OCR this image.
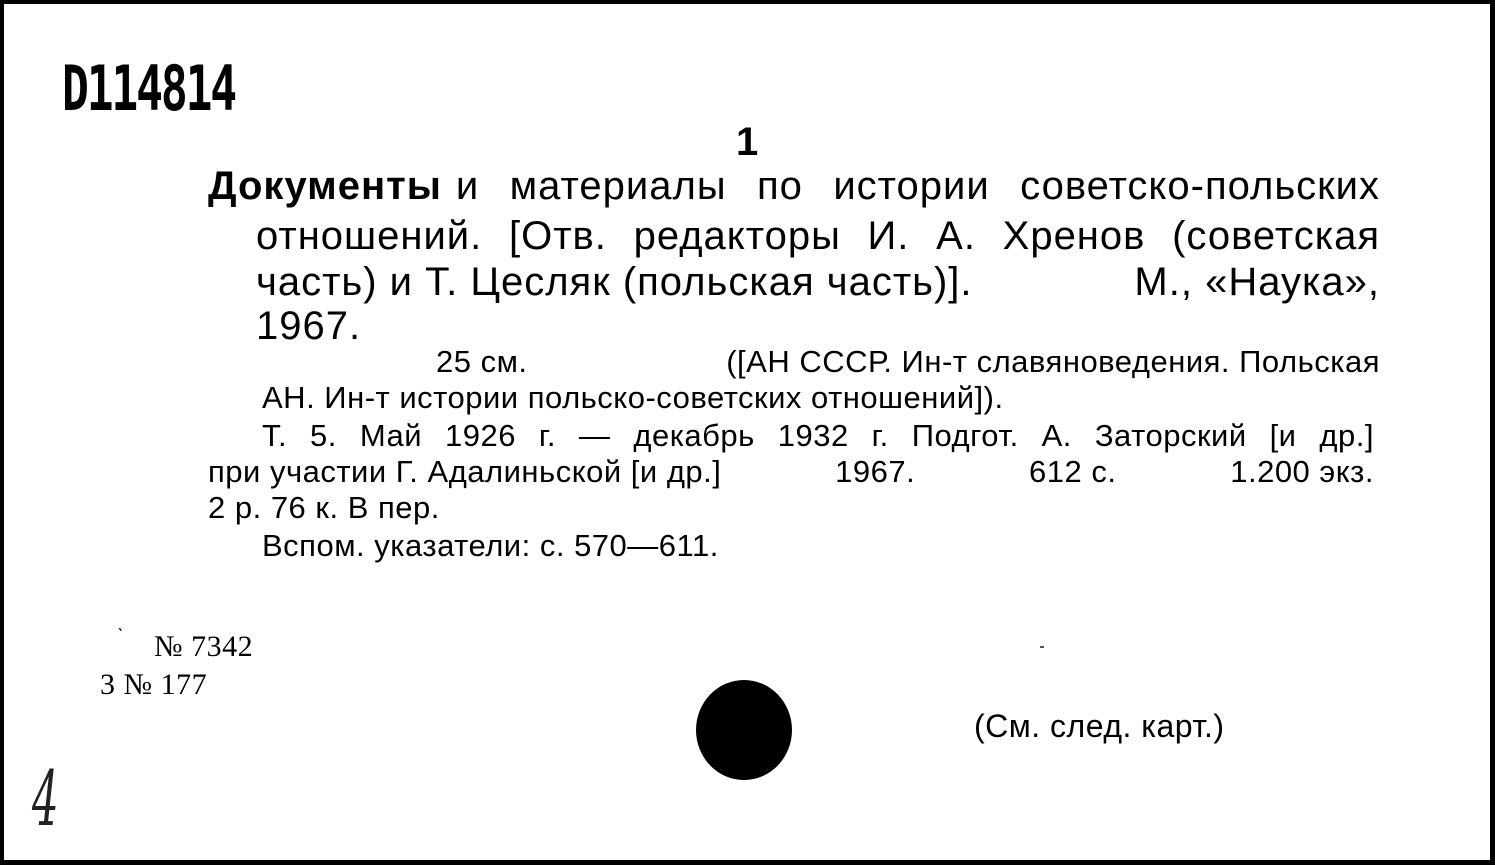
D114814
1
Документы и материалы по истории советско-польских
отношений. [Отв. редакторы И. А. Хренов (советская
часть) и Т. Цесляк (польская часть)].	М., «Наука»,
1967.
25 см.	([АН СССР. Ин-т славяноведения. Польская
АН. Ин-т истории польско-советских отношений]).
Т. 5. Май 1926 г. — декабрь 1932 г. Подгот. А. Заторский [и др.]
при участии Г. Адалиньской [и др.]	1967.	612 с.	1.200 экз.
2 р. 76 к. В пер.
Вспом. указатели: с. 570—611.
ˋ № 7342
3 № 177
(См. след. карт.)
4
